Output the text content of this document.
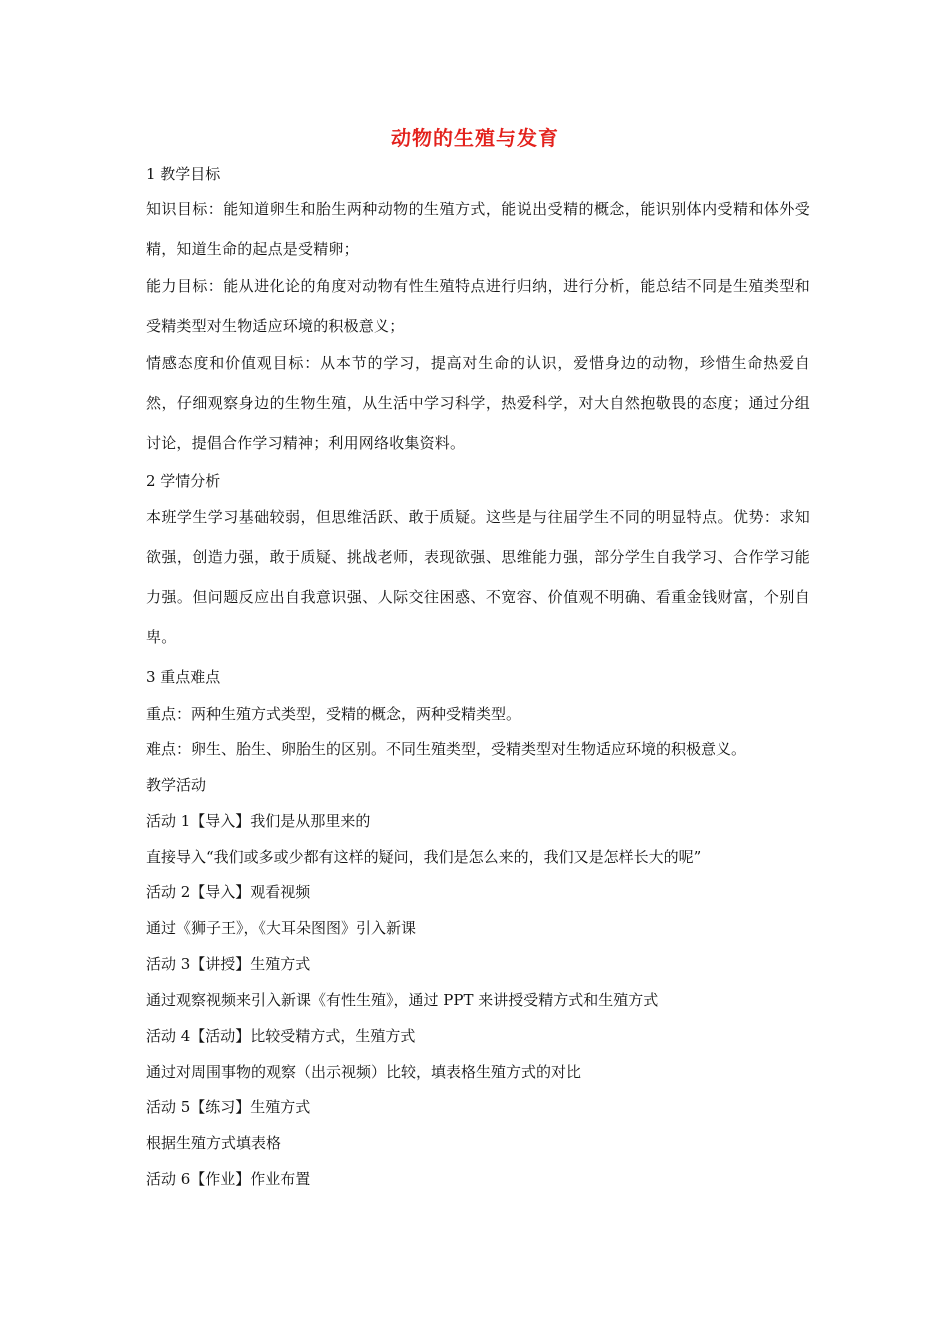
动物的生殖与发育
1 教学目标
知识目标：能知道卵生和胎生两种动物的生殖方式，能说出受精的概念，能识别体内受精和体外受精，知道生命的起点是受精卵；
能力目标：能从进化论的角度对动物有性生殖特点进行归纳，进行分析，能总结不同是生殖类型和受精类型对生物适应环境的积极意义；
情感态度和价值观目标：从本节的学习，提高对生命的认识，爱惜身边的动物，珍惜生命热爱自然，仔细观察身边的生物生殖，从生活中学习科学，热爱科学，对大自然抱敬畏的态度；通过分组讨论，提倡合作学习精神；利用网络收集资料。
2 学情分析
本班学生学习基础较弱，但思维活跃、敢于质疑。这些是与往届学生不同的明显特点。优势：求知欲强，创造力强，敢于质疑、挑战老师，表现欲强、思维能力强，部分学生自我学习、合作学习能力强。但问题反应出自我意识强、人际交往困惑、不宽容、价值观不明确、看重金钱财富，个别自卑。
3 重点难点
重点：两种生殖方式类型，受精的概念，两种受精类型。
难点：卵生、胎生、卵胎生的区别。不同生殖类型，受精类型对生物适应环境的积极意义。
教学活动
活动 1【导入】我们是从那里来的
直接导入“我们或多或少都有这样的疑问，我们是怎么来的，我们又是怎样长大的呢”
活动 2【导入】观看视频
通过《狮子王》，《大耳朵图图》引入新课
活动 3【讲授】生殖方式
通过观察视频来引入新课《有性生殖》，通过 PPT 来讲授受精方式和生殖方式
活动 4【活动】比较受精方式，生殖方式
通过对周围事物的观察（出示视频）比较，填表格生殖方式的对比
活动 5【练习】生殖方式
根据生殖方式填表格
活动 6【作业】作业布置
